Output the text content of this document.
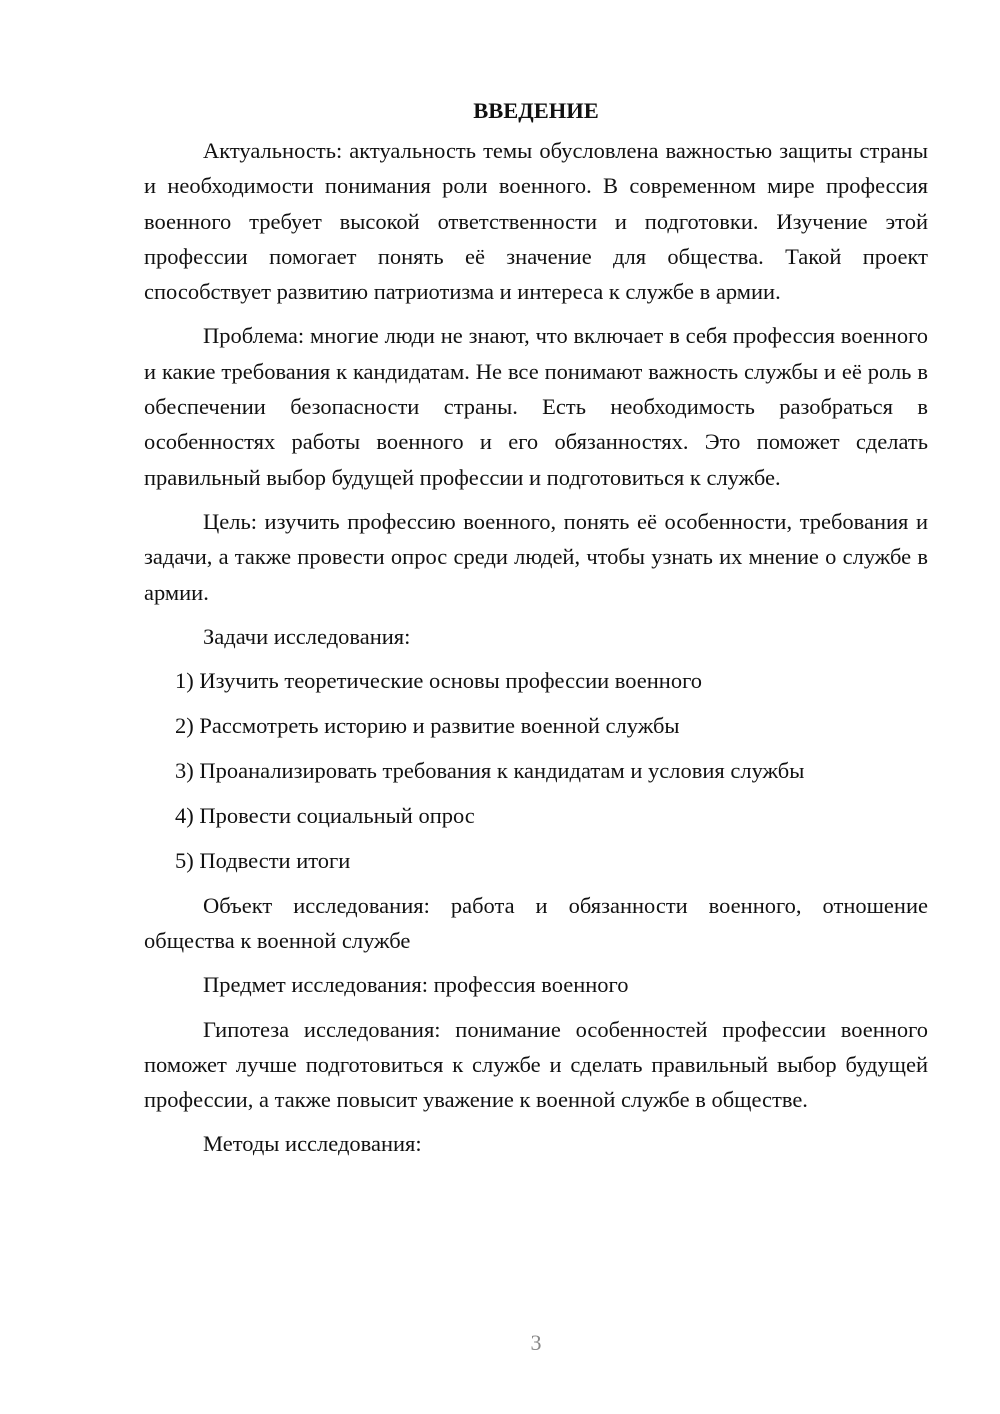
ВВЕДЕНИЕ

Актуальность: актуальность темы обусловлена важностью защиты страны и необходимости понимания роли военного. В современном мире профессия военного требует высокой ответственности и подготовки. Изучение этой профессии помогает понять её значение для общества. Такой проект способствует развитию патриотизма и интереса к службе в армии.

Проблема: многие люди не знают, что включает в себя профессия военного и какие требования к кандидатам. Не все понимают важность службы и её роль в обеспечении безопасности страны. Есть необходимость разобраться в особенностях работы военного и его обязанностях. Это поможет сделать правильный выбор будущей профессии и подготовиться к службе.

Цель: изучить профессию военного, понять её особенности, требования и задачи, а также провести опрос среди людей, чтобы узнать их мнение о службе в армии.

Задачи исследования:

1) Изучить теоретические основы профессии военного
2) Рассмотреть историю и развитие военной службы
3) Проанализировать требования к кандидатам и условия службы
4) Провести социальный опрос
5) Подвести итоги

Объект исследования: работа и обязанности военного, отношение общества к военной службе

Предмет исследования: профессия военного

Гипотеза исследования: понимание особенностей профессии военного поможет лучше подготовиться к службе и сделать правильный выбор будущей профессии, а также повысит уважение к военной службе в обществе.

Методы исследования:

3
